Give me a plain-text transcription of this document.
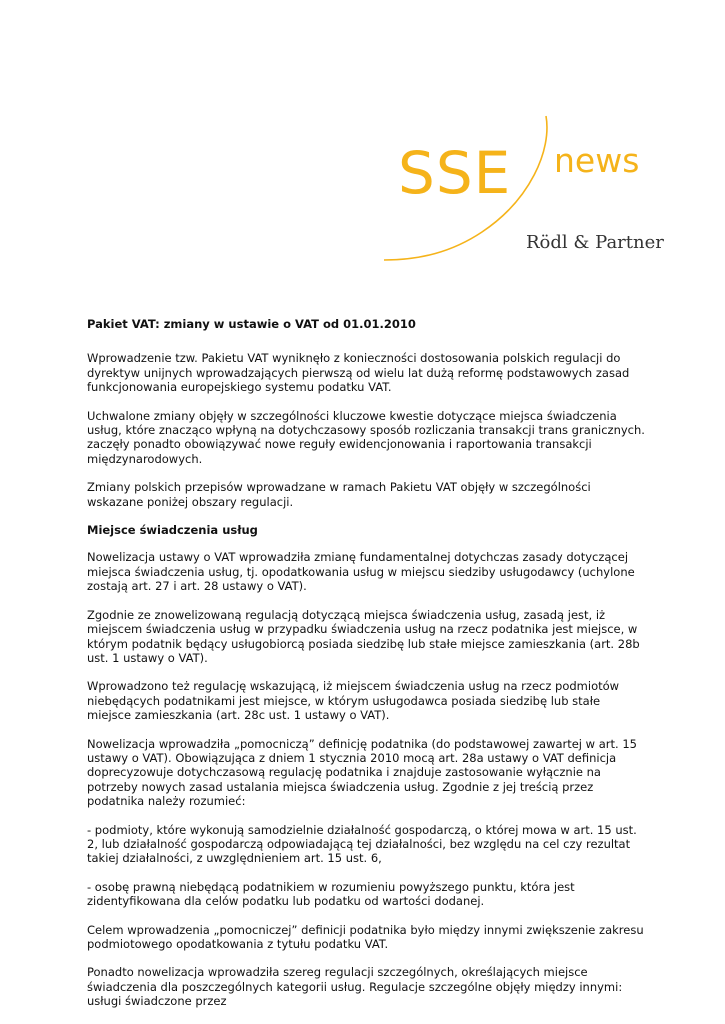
SSE news
Rödl & Partner

Pakiet VAT: zmiany w ustawie o VAT od 01.01.2010

Wprowadzenie tzw. Pakietu VAT wyniknęło z konieczności dostosowania polskich regulacji do dyrektyw unijnych wprowadzających pierwszą od wielu lat dużą reformę podstawowych zasad funkcjonowania europejskiego systemu podatku VAT.

Uchwalone zmiany objęły w szczególności kluczowe kwestie dotyczące miejsca świadczenia usług, które znacząco wpłyną na dotychczasowy sposób rozliczania transakcji trans granicznych. zaczęły ponadto obowiązywać nowe reguły ewidencjonowania i raportowania transakcji międzynarodowych.

Zmiany polskich przepisów wprowadzane w ramach Pakietu VAT objęły w szczególności wskazane poniżej obszary regulacji.

Miejsce świadczenia usług

Nowelizacja ustawy o VAT wprowadziła zmianę fundamentalnej dotychczas zasady dotyczącej miejsca świadczenia usług, tj. opodatkowania usług w miejscu siedziby usługodawcy (uchylone zostają art. 27 i art. 28 ustawy o VAT).

Zgodnie ze znowelizowaną regulacją dotyczącą miejsca świadczenia usług, zasadą jest, iż miejscem świadczenia usług w przypadku świadczenia usług na rzecz podatnika jest miejsce, w którym podatnik będący usługobiorcą posiada siedzibę lub stałe miejsce zamieszkania (art. 28b ust. 1 ustawy o VAT).

Wprowadzono też regulację wskazującą, iż miejscem świadczenia usług na rzecz podmiotów niebędących podatnikami jest miejsce, w którym usługodawca posiada siedzibę lub stałe miejsce zamieszkania (art. 28c ust. 1 ustawy o VAT).

Nowelizacja wprowadziła „pomocniczą” definicję podatnika (do podstawowej zawartej w art. 15 ustawy o VAT). Obowiązująca z dniem 1 stycznia 2010 mocą art. 28a ustawy o VAT definicja doprecyzowuje dotychczasową regulację podatnika i znajduje zastosowanie wyłącznie na potrzeby nowych zasad ustalania miejsca świadczenia usług. Zgodnie z jej treścią przez podatnika należy rozumieć:

- podmioty, które wykonują samodzielnie działalność gospodarczą, o której mowa w art. 15 ust. 2, lub działalność gospodarczą odpowiadającą tej działalności, bez względu na cel czy rezultat takiej działalności, z uwzględnieniem art. 15 ust. 6,

- osobę prawną niebędącą podatnikiem w rozumieniu powyższego punktu, która jest zidentyfikowana dla celów podatku lub podatku od wartości dodanej.

Celem wprowadzenia „pomocniczej” definicji podatnika było między innymi zwiększenie zakresu podmiotowego opodatkowania z tytułu podatku VAT.

Ponadto nowelizacja wprowadziła szereg regulacji szczególnych, określających miejsce świadczenia dla poszczególnych kategorii usług. Regulacje szczególne objęły między innymi: usługi świadczone przez
